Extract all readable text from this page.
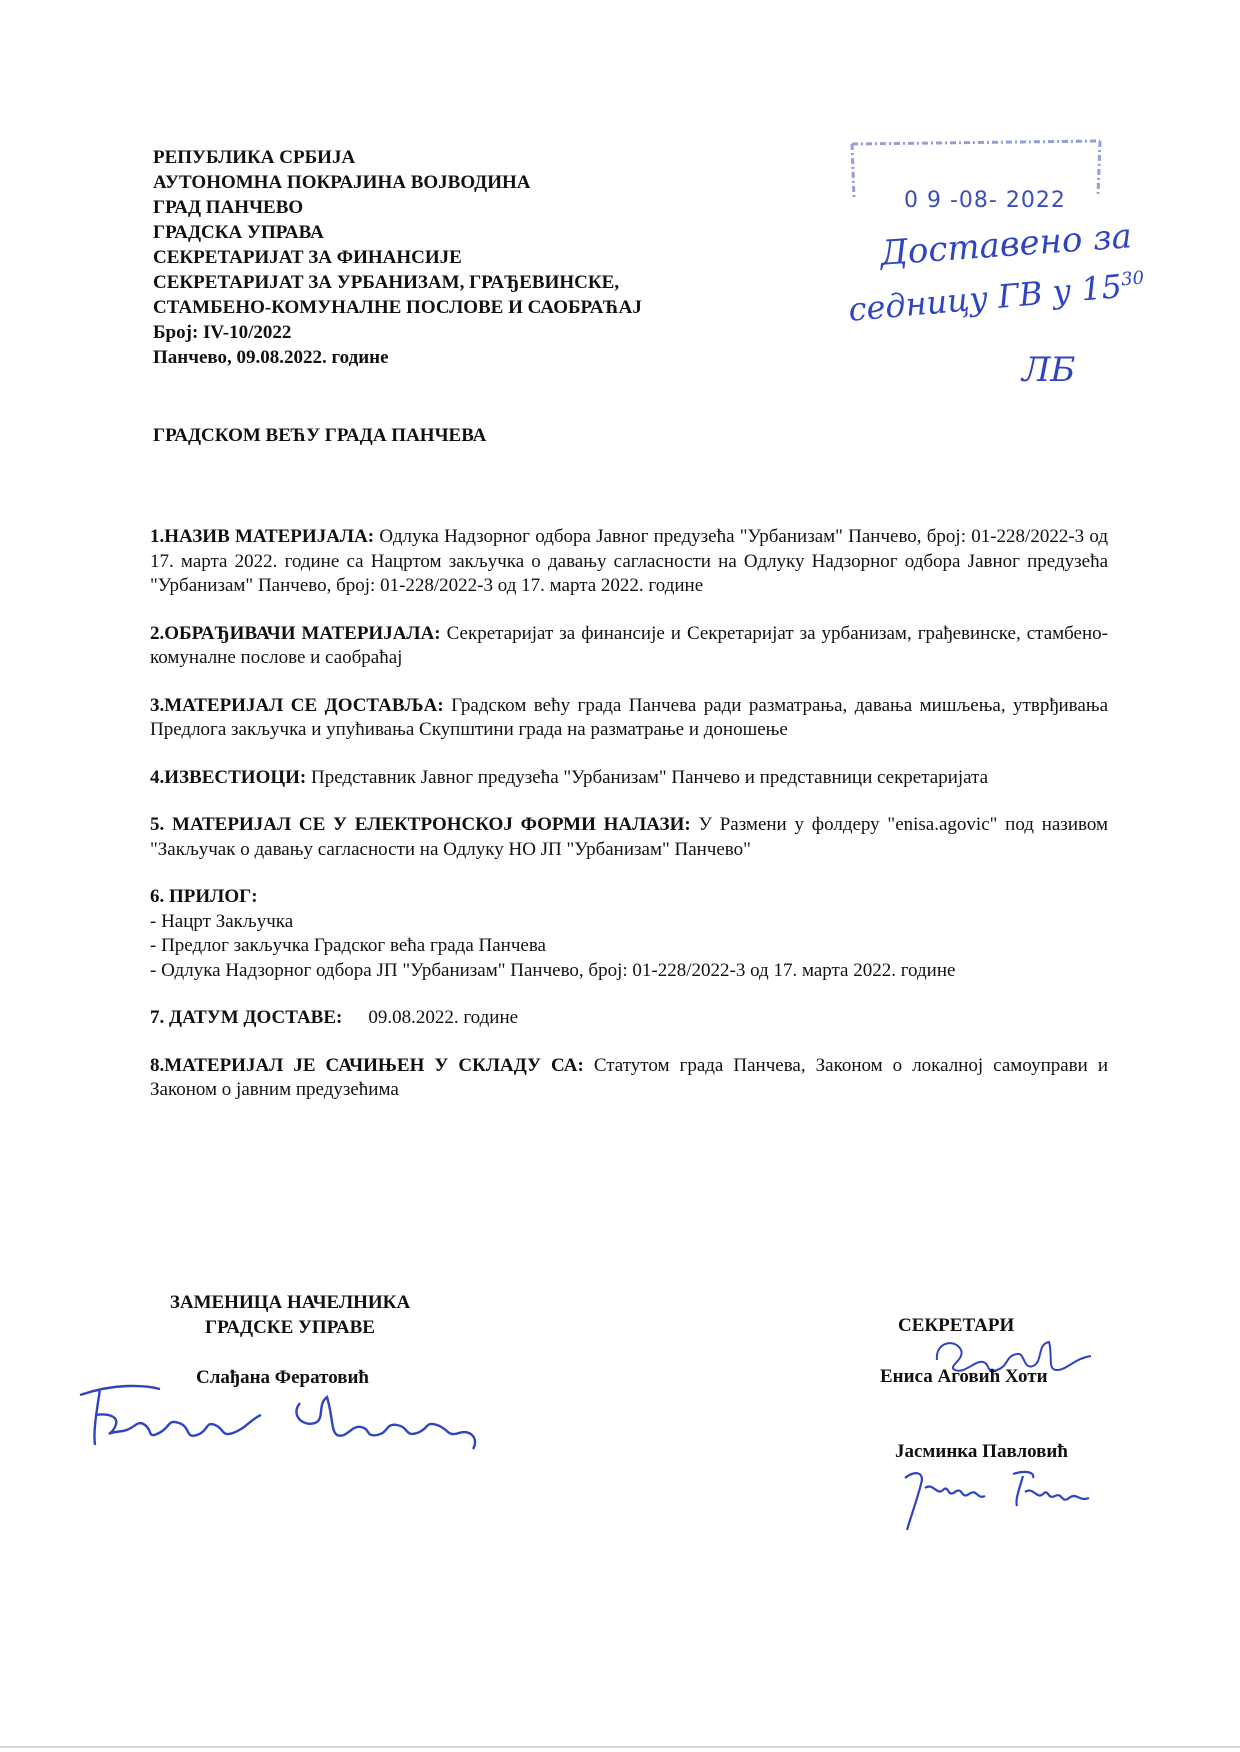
РЕПУБЛИКА СРБИЈА
АУТОНОМНА ПОКРАЈИНА ВОЈВОДИНА
ГРАД ПАНЧЕВО
ГРАДСКА УПРАВА
СЕКРЕТАРИЈАТ ЗА ФИНАНСИЈЕ
СЕКРЕТАРИЈАТ ЗА УРБАНИЗАМ, ГРАЂЕВИНСКЕ,
СТАМБЕНО-КОМУНАЛНЕ ПОСЛОВЕ И САОБРАЋАЈ
Број: IV-10/2022
Панчево, 09.08.2022. године
0 9 -08- 2022
Доставено за
седницу ГВ у $15^{30}$
ЛБ
ГРАДСКОМ ВЕЋУ ГРАДА ПАНЧЕВА
1.НАЗИВ МАТЕРИЈАЛА: Одлука Надзорног одбора Јавног предузећа "Урбанизам" Панчево, број: 01-228/2022-3 од 17. марта 2022. године са Нацртом закључка о давању сагласности на Одлуку Надзорног одбора Јавног предузећа "Урбанизам" Панчево, број: 01-228/2022-3 од 17. марта 2022. године
2.ОБРАЂИВАЧИ МАТЕРИЈАЛА: Секретаријат за финансије и Секретаријат за урбанизам, грађевинске, стамбено-комуналне послове и саобраћај
3.МАТЕРИЈАЛ СЕ ДОСТАВЉА: Градском већу града Панчева ради разматрања, давања мишљења, утврђивања Предлога закључка и упућивања Скупштини града на разматрање и доношење
4.ИЗВЕСТИОЦИ: Представник Јавног предузећа "Урбанизам" Панчево и представници секретаријата
5. МАТЕРИЈАЛ СЕ У ЕЛЕКТРОНСКОЈ ФОРМИ НАЛАЗИ: У Размени у фолдеру "enisa.agovic" под називом "Закључак о давању сагласности на Одлуку НО ЈП "Урбанизам" Панчево"
6. ПРИЛОГ:
- Нацрт Закључка
- Предлог закључка Градског већа града Панчева
- Одлука Надзорног одбора ЈП "Урбанизам" Панчево, број: 01-228/2022-3 од 17. марта 2022. године
7. ДАТУМ ДОСТАВЕ: 09.08.2022. године
8.МАТЕРИЈАЛ ЈЕ САЧИЊЕН У СКЛАДУ СА: Статутом града Панчева, Законом о локалној самоуправи и Законом о јавним предузећима
ЗАМЕНИЦА НАЧЕЛНИКА
ГРАДСКЕ УПРАВЕ
Слађана Фератовић
СЕКРЕТАРИ
Ениса Аговић Хоти
Јасминка Павловић
